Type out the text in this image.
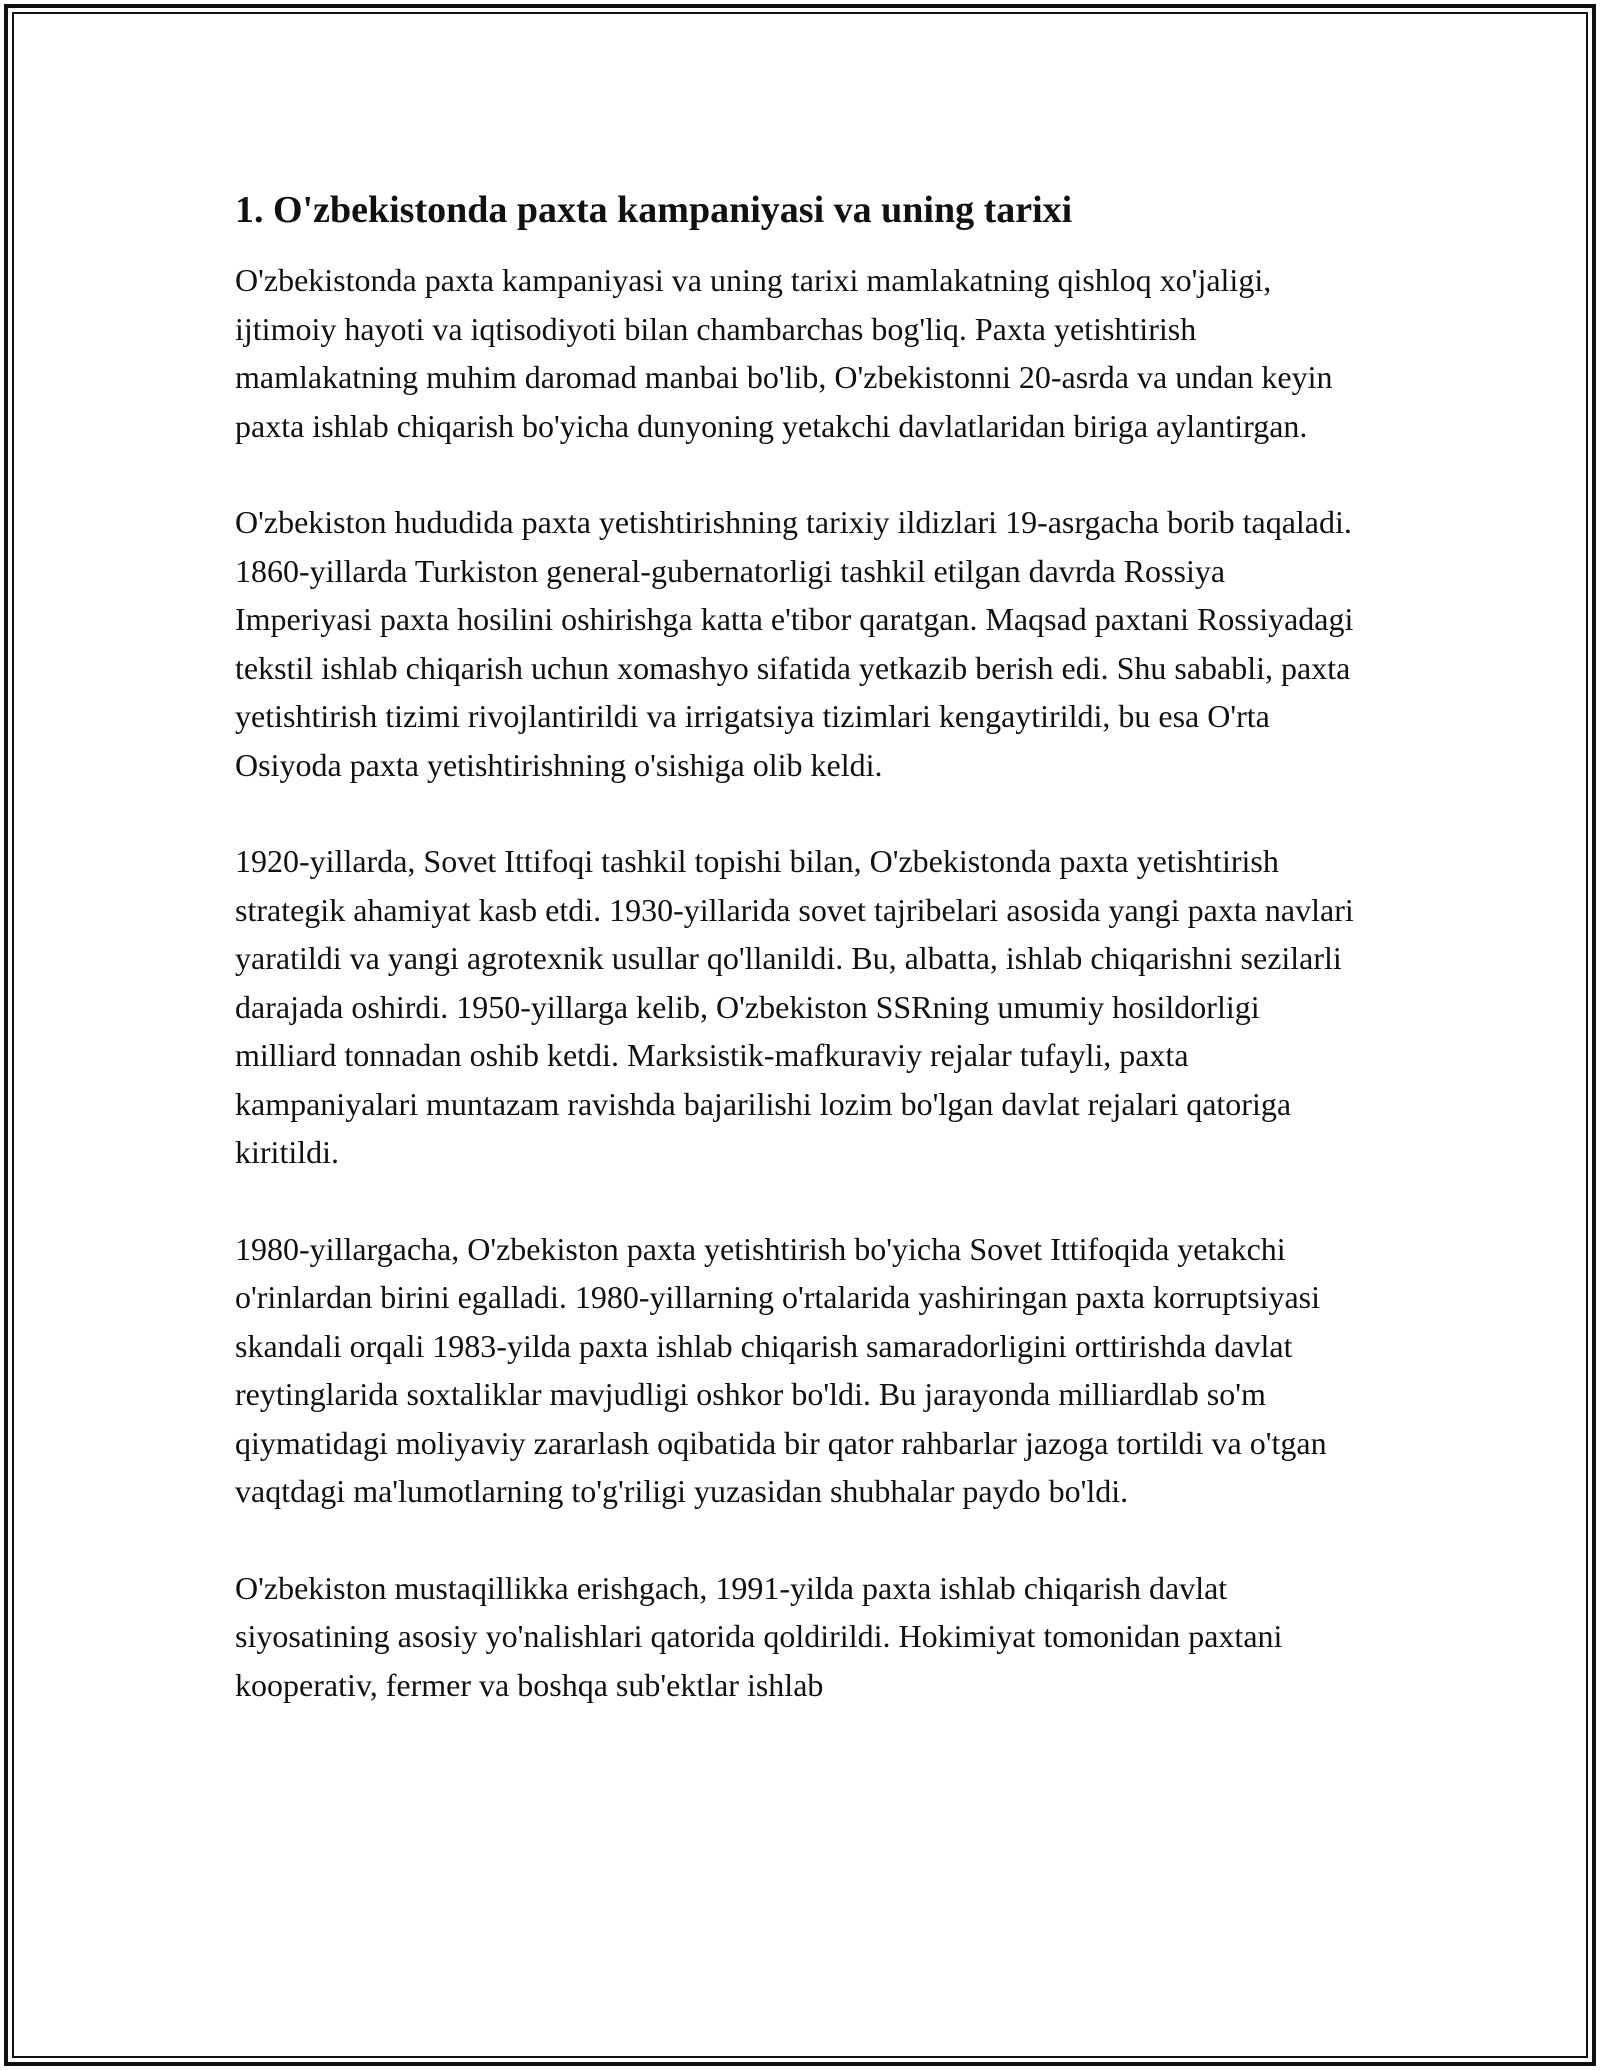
1. O'zbekistonda paxta kampaniyasi va uning tarixi

O'zbekistonda paxta kampaniyasi va uning tarixi mamlakatning qishloq xo'jaligi, ijtimoiy hayoti va iqtisodiyoti bilan chambarchas bog'liq. Paxta yetishtirish mamlakatning muhim daromad manbai bo'lib, O'zbekistonni 20-asrda va undan keyin paxta ishlab chiqarish bo'yicha dunyoning yetakchi davlatlaridan biriga aylantirgan.

O'zbekiston hududida paxta yetishtirishning tarixiy ildizlari 19-asrgacha borib taqaladi. 1860-yillarda Turkiston general-gubernatorligi tashkil etilgan davrda Rossiya Imperiyasi paxta hosilini oshirishga katta e'tibor qaratgan. Maqsad paxtani Rossiyadagi tekstil ishlab chiqarish uchun xomashyo sifatida yetkazib berish edi. Shu sababli, paxta yetishtirish tizimi rivojlantirildi va irrigatsiya tizimlari kengaytirildi, bu esa O'rta Osiyoda paxta yetishtirishning o'sishiga olib keldi.

1920-yillarda, Sovet Ittifoqi tashkil topishi bilan, O'zbekistonda paxta yetishtirish strategik ahamiyat kasb etdi. 1930-yillarida sovet tajribelari asosida yangi paxta navlari yaratildi va yangi agrotexnik usullar qo'llanildi. Bu, albatta, ishlab chiqarishni sezilarli darajada oshirdi. 1950-yillarga kelib, O'zbekiston SSRning umumiy hosildorligi milliard tonnadan oshib ketdi. Marksistik-mafkuraviy rejalar tufayli, paxta kampaniyalari muntazam ravishda bajarilishi lozim bo'lgan davlat rejalari qatoriga kiritildi.

1980-yillargacha, O'zbekiston paxta yetishtirish bo'yicha Sovet Ittifoqida yetakchi o'rinlardan birini egalladi. 1980-yillarning o'rtalarida yashiringan paxta korruptsiyasi skandali orqali 1983-yilda paxta ishlab chiqarish samaradorligini orttirishda davlat reytinglarida soxtaliklar mavjudligi oshkor bo'ldi. Bu jarayonda milliardlab so'm qiymatidagi moliyaviy zararlash oqibatida bir qator rahbarlar jazoga tortildi va o'tgan vaqtdagi ma'lumotlarning to'g'riligi yuzasidan shubhalar paydo bo'ldi.

O'zbekiston mustaqillikka erishgach, 1991-yilda paxta ishlab chiqarish davlat siyosatining asosiy yo'nalishlari qatorida qoldirildi. Hokimiyat tomonidan paxtani kooperativ, fermer va boshqa sub'ektlar ishlab
